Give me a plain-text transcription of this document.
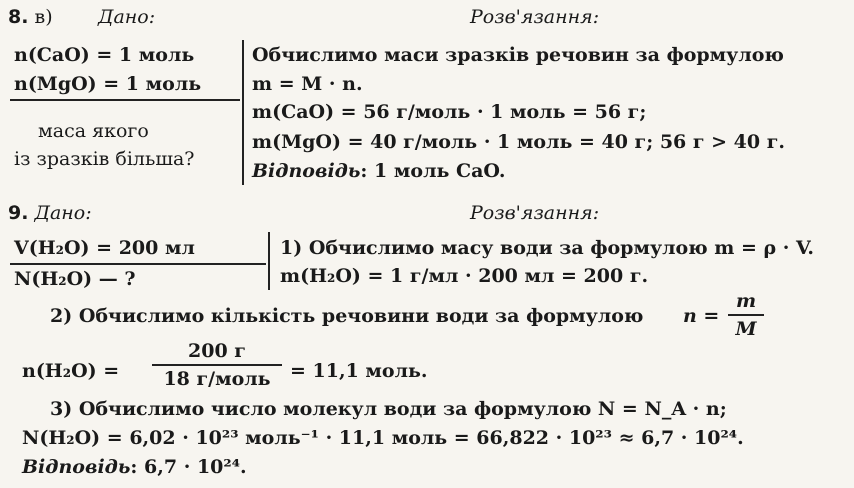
8. в) Дано:	Розв'язання:
n(CaO) = 1 моль
n(MgO) = 1 моль
маса якого
із зразків більша?
Обчислимо маси зразків речовин за формулою
m = M · n.
m(CaO) = 56 г/моль · 1 моль = 56 г;
m(MgO) = 40 г/моль · 1 моль = 40 г; 56 г > 40 г.
Відповідь: 1 моль CaO.
9. Дано:	Розв'язання:
V(H₂O) = 200 мл
N(H₂O) — ?
1) Обчислимо масу води за формулою m = ρ · V.
m(H₂O) = 1 г/мл · 200 мл = 200 г.
2) Обчислимо кількість речовини води за формулою n =
m
M
n(H₂O) =
200 г
18 г/моль	= 11,1 моль.
3) Обчислимо число молекул води за формулою N = N_A · n;
N(H₂O) = 6,02 · 10²³ моль⁻¹ · 11,1 моль = 66,822 · 10²³ ≈ 6,7 · 10²⁴.
Відповідь: 6,7 · 10²⁴.
